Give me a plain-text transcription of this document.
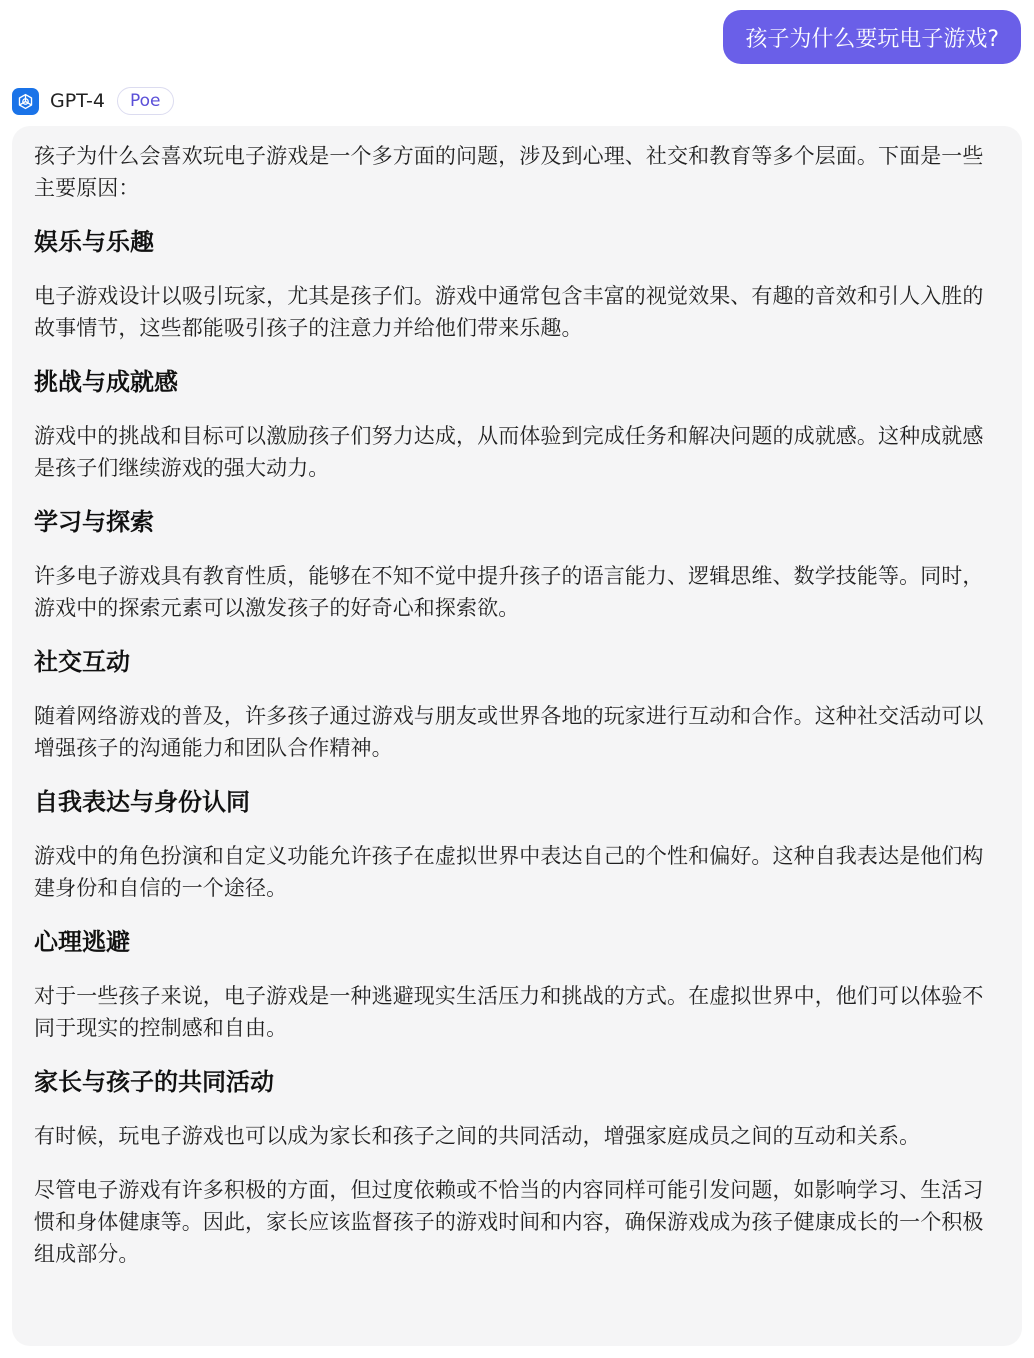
孩子为什么要玩电子游戏?
GPT-4	Poe

孩子为什么会喜欢玩电子游戏是一个多方面的问题，涉及到心理、社交和教育等多个层面。下面是一些主要原因：

娱乐与乐趣

电子游戏设计以吸引玩家，尤其是孩子们。游戏中通常包含丰富的视觉效果、有趣的音效和引人入胜的故事情节，这些都能吸引孩子的注意力并给他们带来乐趣。

挑战与成就感

游戏中的挑战和目标可以激励孩子们努力达成，从而体验到完成任务和解决问题的成就感。这种成就感是孩子们继续游戏的强大动力。

学习与探索

许多电子游戏具有教育性质，能够在不知不觉中提升孩子的语言能力、逻辑思维、数学技能等。同时，游戏中的探索元素可以激发孩子的好奇心和探索欲。

社交互动

随着网络游戏的普及，许多孩子通过游戏与朋友或世界各地的玩家进行互动和合作。这种社交活动可以增强孩子的沟通能力和团队合作精神。

自我表达与身份认同

游戏中的角色扮演和自定义功能允许孩子在虚拟世界中表达自己的个性和偏好。这种自我表达是他们构建身份和自信的一个途径。

心理逃避

对于一些孩子来说，电子游戏是一种逃避现实生活压力和挑战的方式。在虚拟世界中，他们可以体验不同于现实的控制感和自由。

家长与孩子的共同活动

有时候，玩电子游戏也可以成为家长和孩子之间的共同活动，增强家庭成员之间的互动和关系。

尽管电子游戏有许多积极的方面，但过度依赖或不恰当的内容同样可能引发问题，如影响学习、生活习惯和身体健康等。因此，家长应该监督孩子的游戏时间和内容，确保游戏成为孩子健康成长的一个积极组成部分。
